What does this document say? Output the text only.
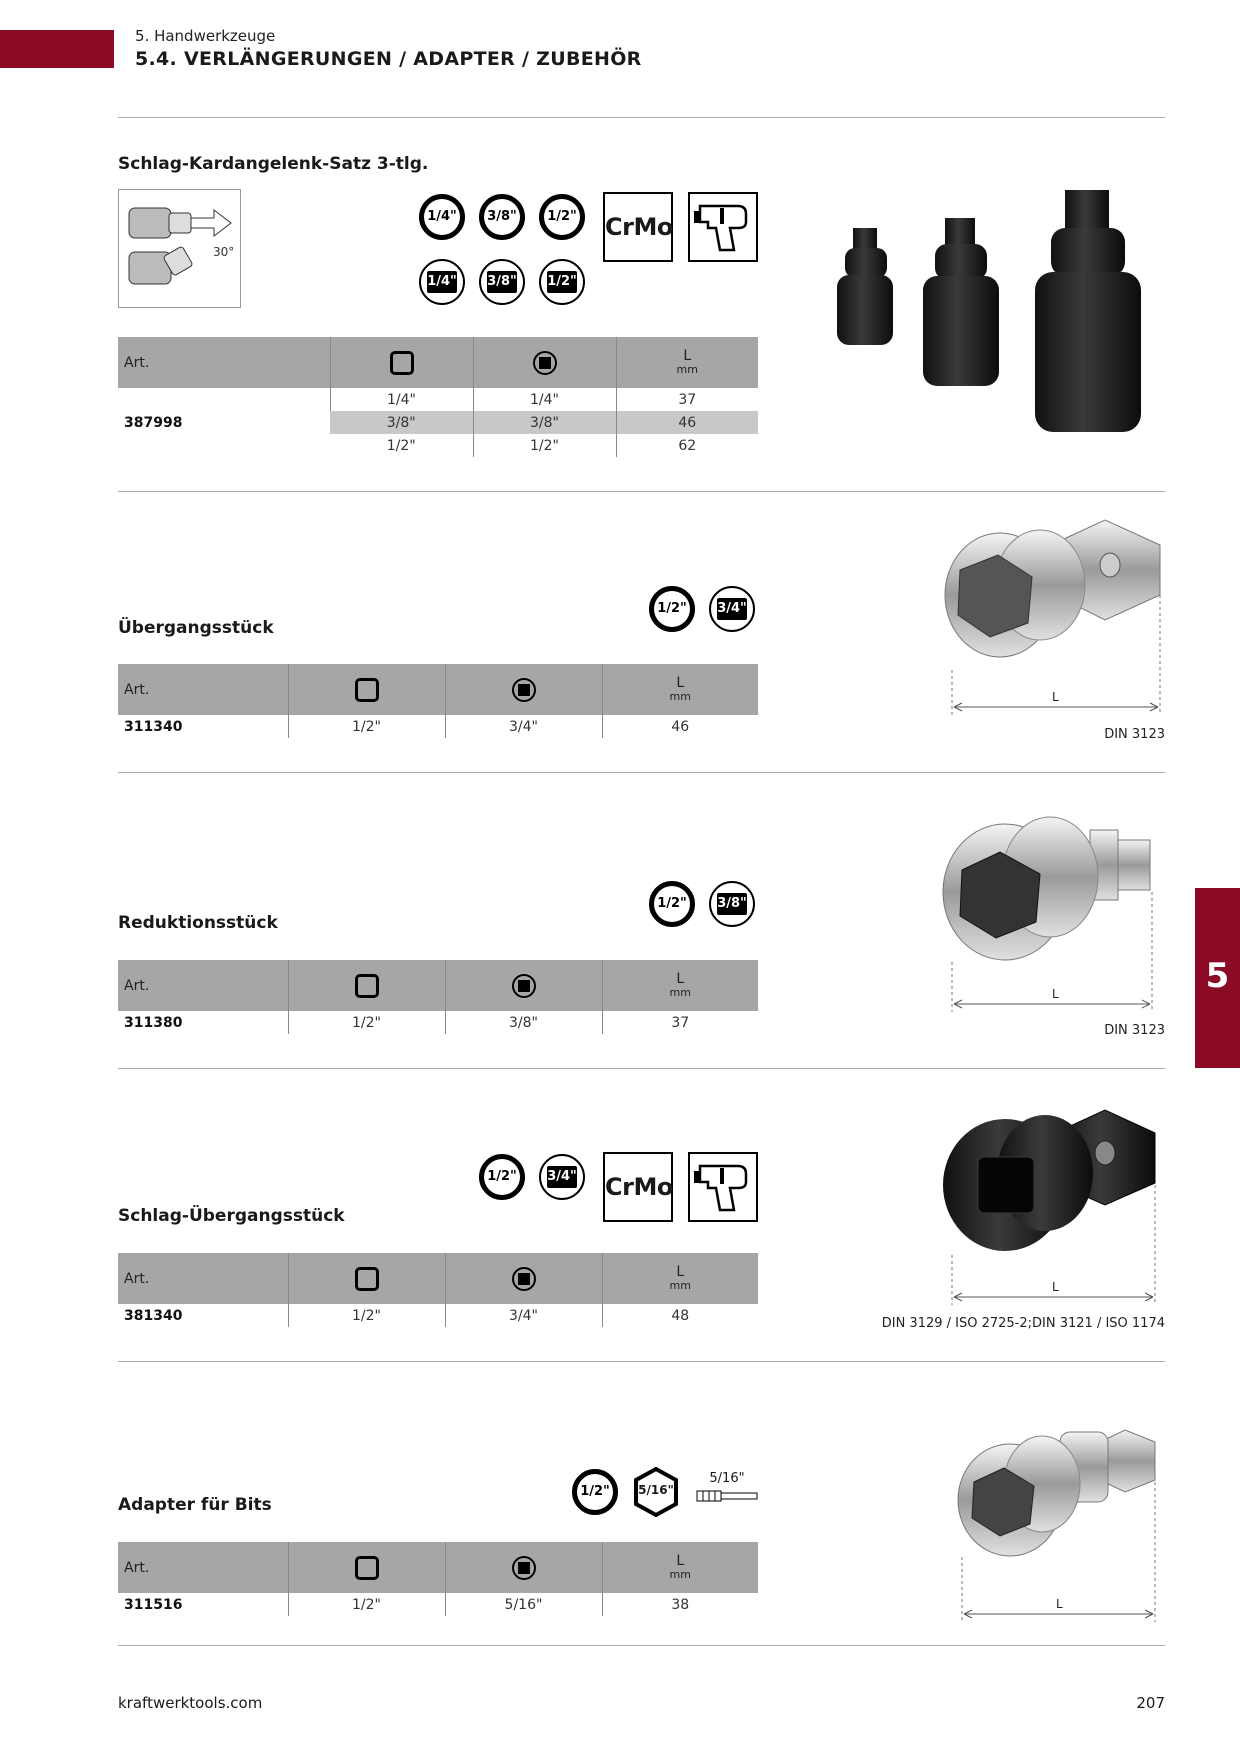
5. Handwerkzeuge
5.4. VERLÄNGERUNGEN / ADAPTER / ZUBEHÖR
5
Schlag-Kardangelenk-Satz 3-tlg.
30°
1/4"	3/8"	1/2"
1/4" 3/8" 1/2"
CrMo
Art.			L
mm

387998	1/4"	1/4"	37
	3/8"	3/8"	46
	1/2"	1/2"	62
1/2"	3/4"
Übergangsstück
Art.			L
mm

311340	1/2"	3/4"	46
L
DIN 3123
1/2"	3/8"
Reduktionsstück
Art.			L
mm

311380	1/2"	3/8"	37
L
DIN 3123
1/2"	3/4" CrMo
Schlag-Übergangsstück
Art.			L
mm

381340	1/2"	3/4"	48
L
DIN 3129 / ISO 2725-2;DIN 3121 / ISO 1174
1/2"	5/16"
5/16"
Adapter für Bits
Art.			L
mm

311516	1/2"	5/16"	38	L
kraftwerktools.com	207
